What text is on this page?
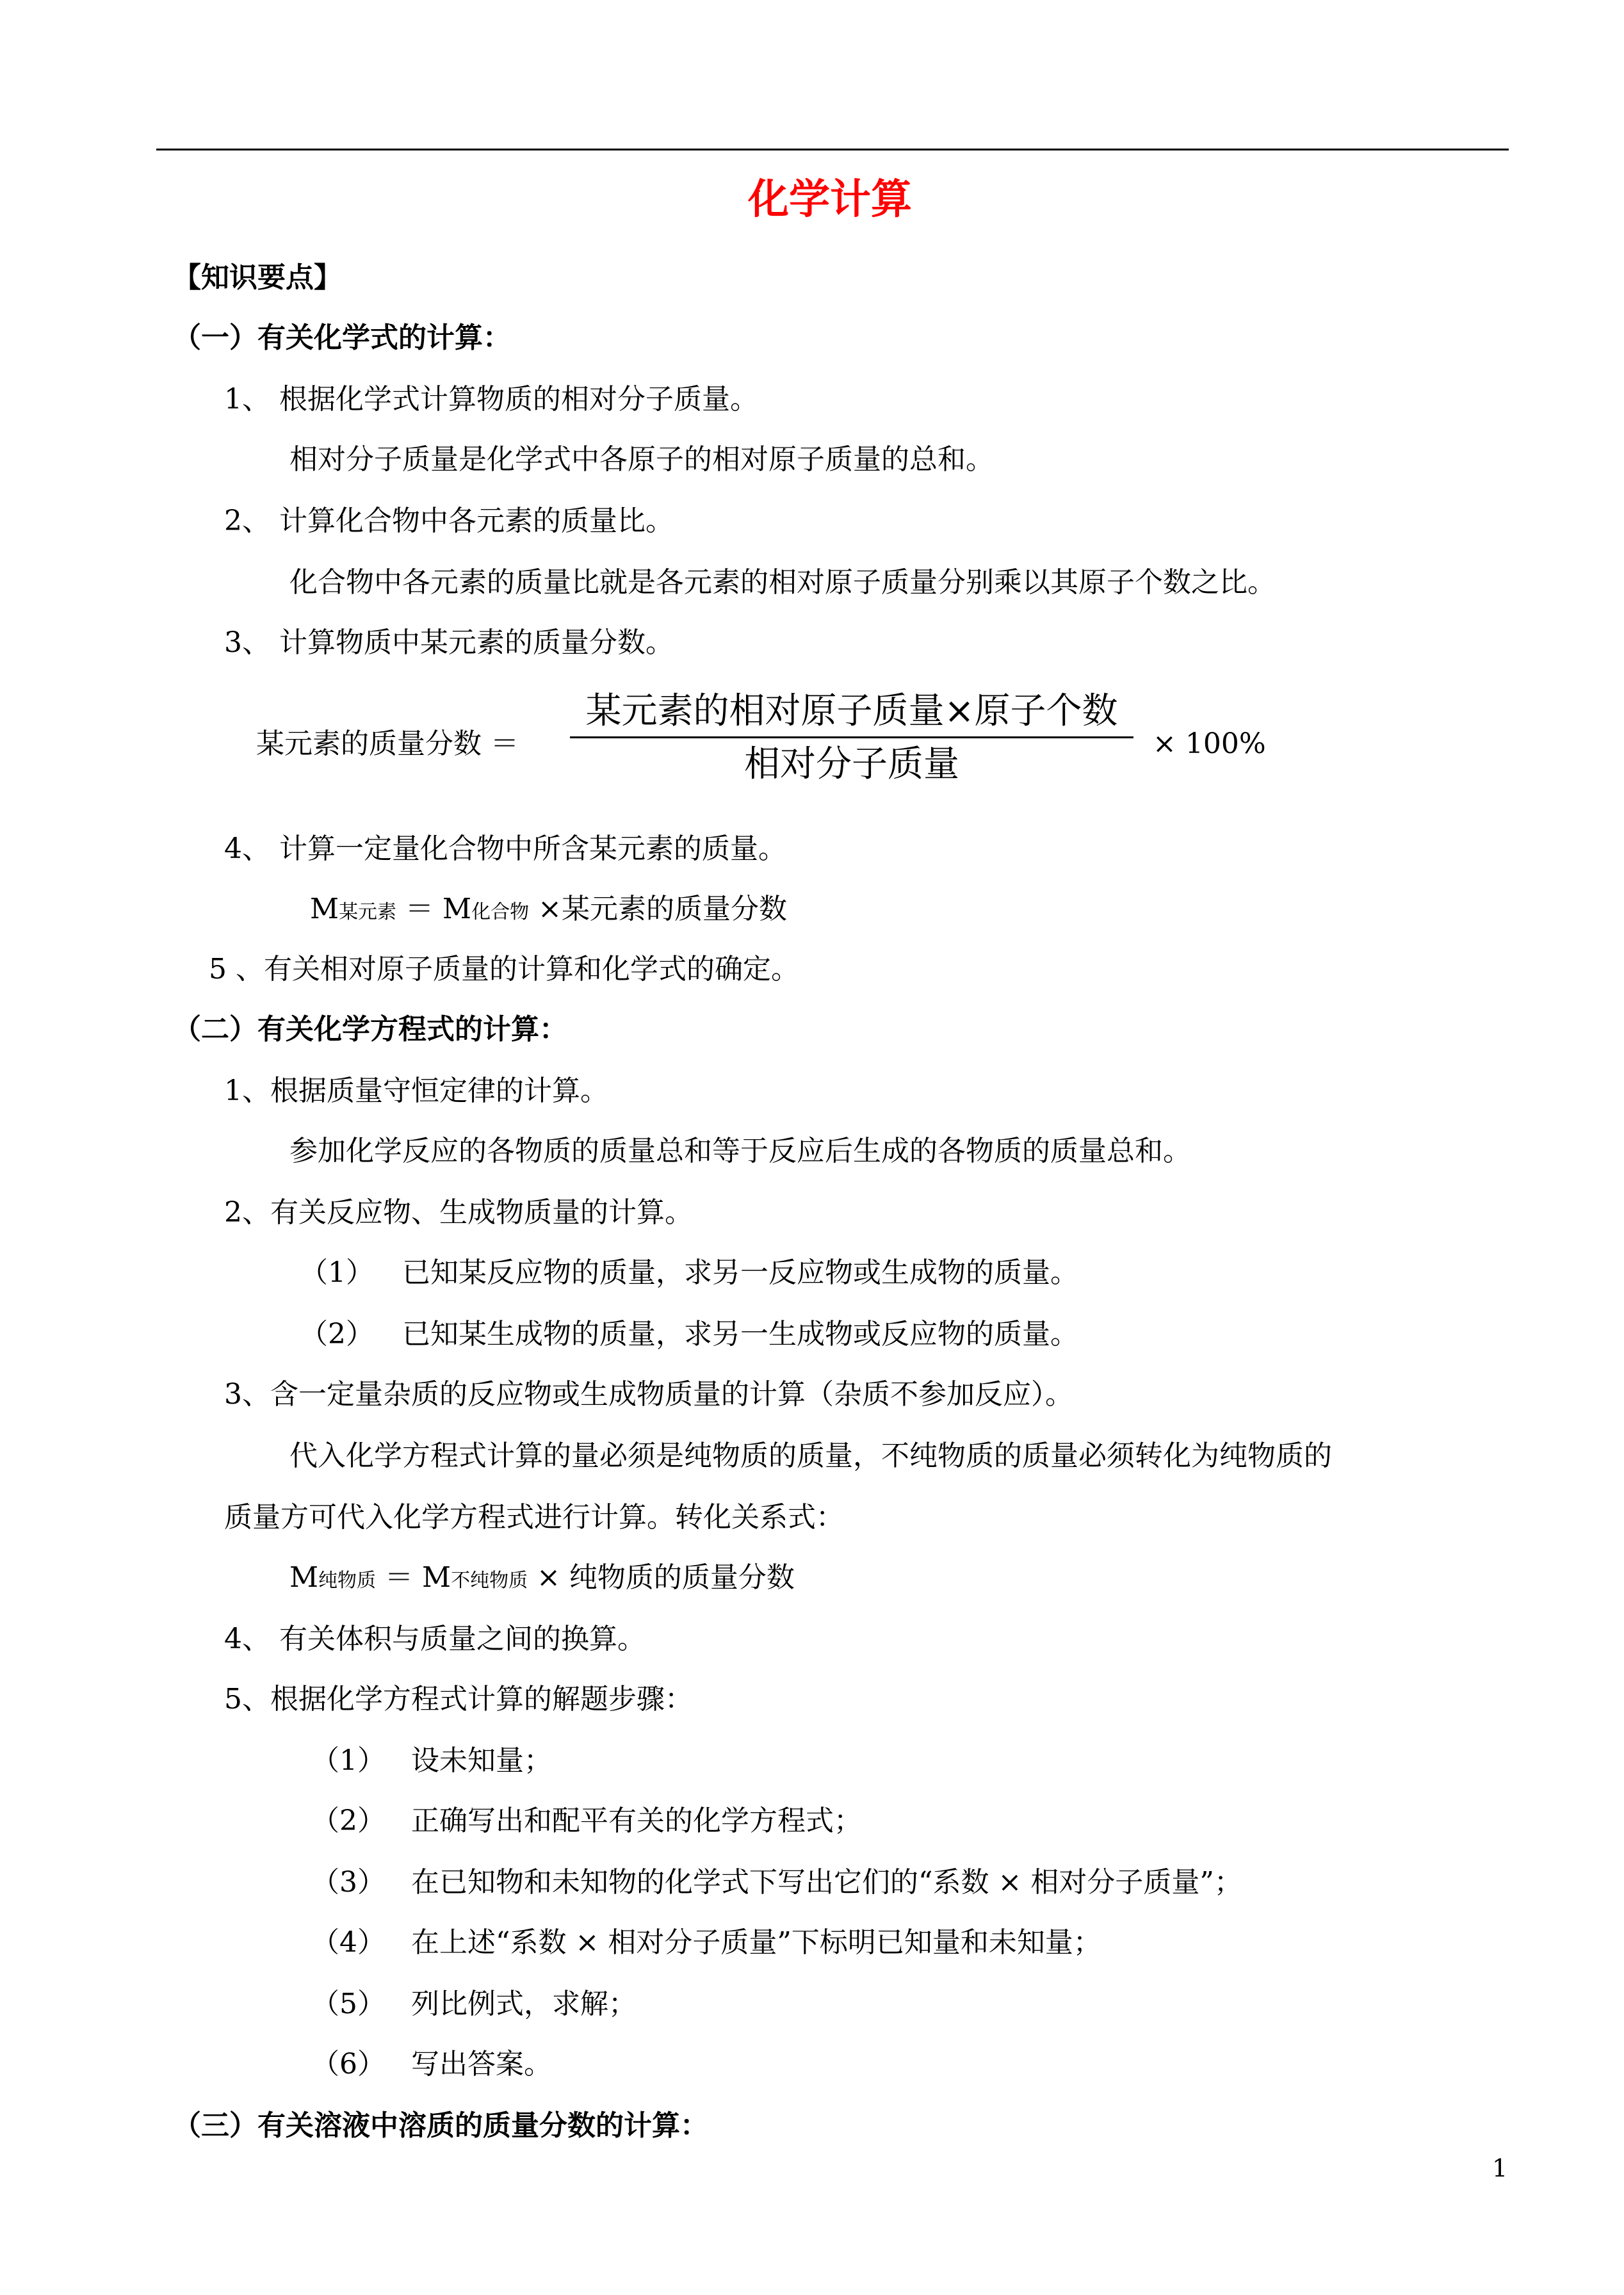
化学计算
【知识要点】
（一）有关化学式的计算：
1、 根据化学式计算物质的相对分子质量。
相对分子质量是化学式中各原子的相对原子质量的总和。
2、 计算化合物中各元素的质量比。
化合物中各元素的质量比就是各元素的相对原子质量分别乘以其原子个数之比。
3、 计算物质中某元素的质量分数。
某元素的质量分数 ＝
某元素的相对原子质量×原子个数
相对分子质量	× 100%
4、 计算一定量化合物中所含某元素的质量。
M某元素 ＝ M化合物 ×某元素的质量分数
5 、有关相对原子质量的计算和化学式的确定。
（二）有关化学方程式的计算：
1、根据质量守恒定律的计算。
参加化学反应的各物质的质量总和等于反应后生成的各物质的质量总和。
2、有关反应物、生成物质量的计算。
（1） 已知某反应物的质量，求另一反应物或生成物的质量。
（2） 已知某生成物的质量，求另一生成物或反应物的质量。
3、含一定量杂质的反应物或生成物质量的计算（杂质不参加反应）。
代入化学方程式计算的量必须是纯物质的质量，不纯物质的质量必须转化为纯物质的
质量方可代入化学方程式进行计算。转化关系式：
M纯物质 ＝ M不纯物质 × 纯物质的质量分数
4、 有关体积与质量之间的换算。
5、根据化学方程式计算的解题步骤：
（1） 设未知量；
（2） 正确写出和配平有关的化学方程式；
（3） 在已知物和未知物的化学式下写出它们的“系数 × 相对分子质量”；
（4） 在上述“系数 × 相对分子质量”下标明已知量和未知量；
（5） 列比例式，求解；
（6） 写出答案。
（三）有关溶液中溶质的质量分数的计算：
1
